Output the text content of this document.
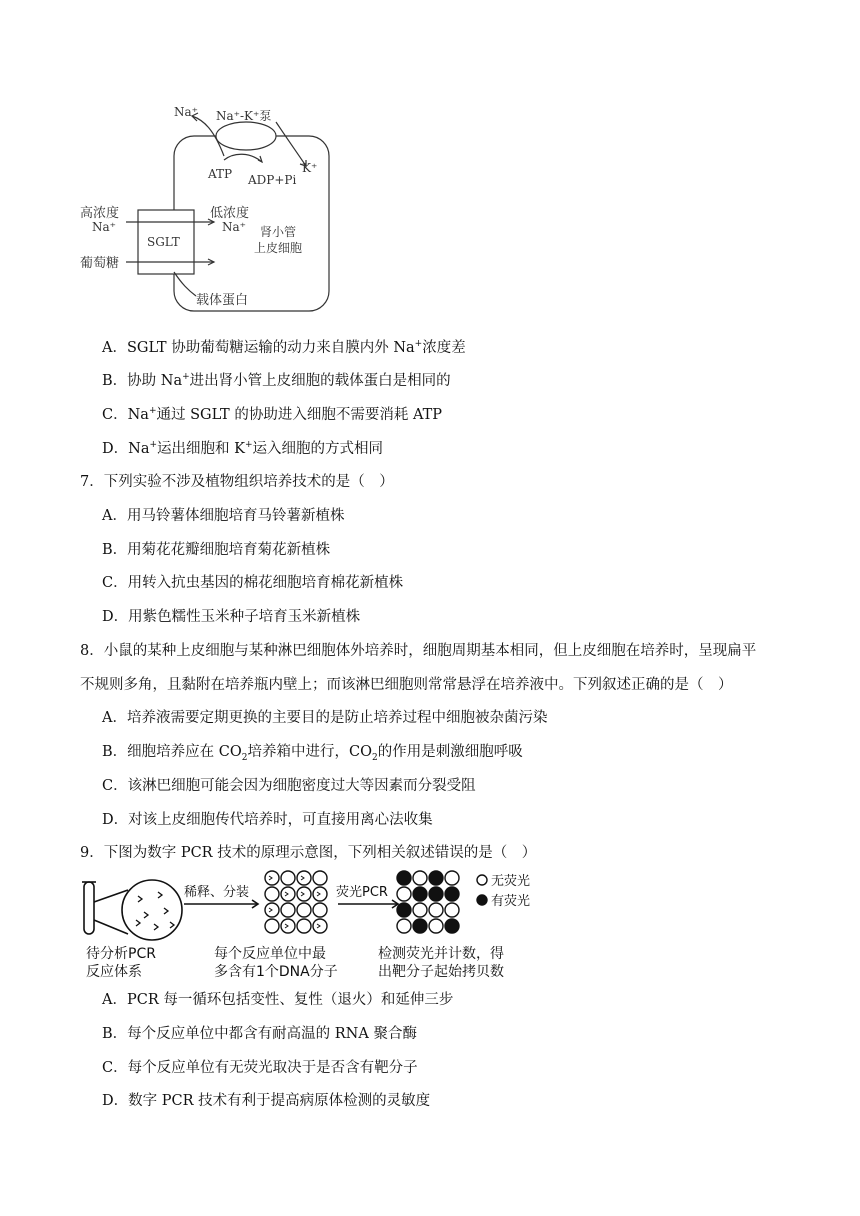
Na⁺ Na⁺-K⁺泵
K⁺
ATP ADP+Pi
高浓度
Na⁺
低浓度
Na⁺
SGLT
葡萄糖
肾小管
上皮细胞
载体蛋白
A．SGLT 协助葡萄糖运输的动力来自膜内外 Na+浓度差
B．协助 Na+进出肾小管上皮细胞的载体蛋白是相同的
C．Na+通过 SGLT 的协助进入细胞不需要消耗 ATP
D．Na+运出细胞和 K+运入细胞的方式相同
7．下列实验不涉及植物组织培养技术的是（　）
A．用马铃薯体细胞培育马铃薯新植株
B．用菊花花瓣细胞培育菊花新植株
C．用转入抗虫基因的棉花细胞培育棉花新植株
D．用紫色糯性玉米种子培育玉米新植株
8．小鼠的某种上皮细胞与某种淋巴细胞体外培养时，细胞周期基本相同，但上皮细胞在培养时，呈现扁平
不规则多角，且黏附在培养瓶内壁上；而该淋巴细胞则常常悬浮在培养液中。下列叙述正确的是（　）
A．培养液需要定期更换的主要目的是防止培养过程中细胞被杂菌污染
B．细胞培养应在 $CO_2$培养箱中进行，$CO_2$的作用是刺激细胞呼吸
C．该淋巴细胞可能会因为细胞密度过大等因素而分裂受阻
D．对该上皮细胞传代培养时，可直接用离心法收集
9．下图为数字 PCR 技术的原理示意图，下列相关叙述错误的是（　）
稀释、分装	荧光PCR
无荧光
有荧光
待分析PCR
反应体系
每个反应单位中最
多含有1个DNA分子
检测荧光并计数，得
出靶分子起始拷贝数
A．PCR 每一循环包括变性、复性（退火）和延伸三步
B．每个反应单位中都含有耐高温的 RNA 聚合酶
C．每个反应单位有无荧光取决于是否含有靶分子
D．数字 PCR 技术有利于提高病原体检测的灵敏度
